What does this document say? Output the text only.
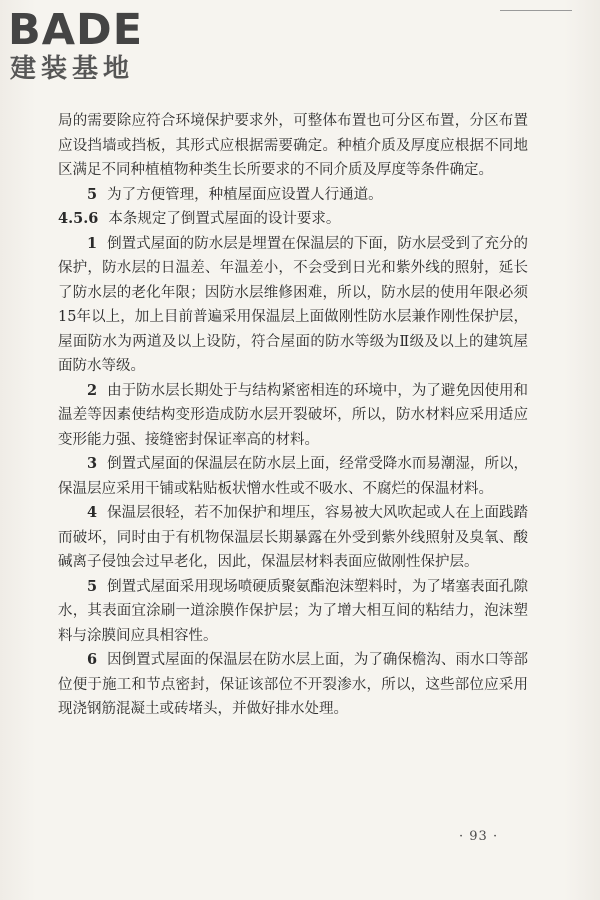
BADE
建装基地

局的需要除应符合环境保护要求外，可整体布置也可分区布置，分区布置应设挡墙或挡板，其形式应根据需要确定。种植介质及厚度应根据不同地区满足不同种植植物种类生长所要求的不同介质及厚度等条件确定。

5 为了方便管理，种植屋面应设置人行通道。

4.5.6 本条规定了倒置式屋面的设计要求。

1 倒置式屋面的防水层是埋置在保温层的下面，防水层受到了充分的保护，防水层的日温差、年温差小，不会受到日光和紫外线的照射，延长了防水层的老化年限；因防水层维修困难，所以，防水层的使用年限必须15年以上，加上目前普遍采用保温层上面做刚性防水层兼作刚性保护层，屋面防水为两道及以上设防，符合屋面的防水等级为Ⅱ级及以上的建筑屋面防水等级。

2 由于防水层长期处于与结构紧密相连的环境中，为了避免因使用和温差等因素使结构变形造成防水层开裂破坏，所以，防水材料应采用适应变形能力强、接缝密封保证率高的材料。

3 倒置式屋面的保温层在防水层上面，经常受降水而易潮湿，所以，保温层应采用干铺或粘贴板状憎水性或不吸水、不腐烂的保温材料。

4 保温层很轻，若不加保护和埋压，容易被大风吹起或人在上面践踏而破坏，同时由于有机物保温层长期暴露在外受到紫外线照射及臭氧、酸碱离子侵蚀会过早老化，因此，保温层材料表面应做刚性保护层。

5 倒置式屋面采用现场喷硬质聚氨酯泡沫塑料时，为了堵塞表面孔隙水，其表面宜涂刷一道涂膜作保护层；为了增大相互间的粘结力，泡沫塑料与涂膜间应具相容性。

6 因倒置式屋面的保温层在防水层上面，为了确保檐沟、雨水口等部位便于施工和节点密封，保证该部位不开裂渗水，所以，这些部位应采用现浇钢筋混凝土或砖堵头，并做好排水处理。

· 93 ·
